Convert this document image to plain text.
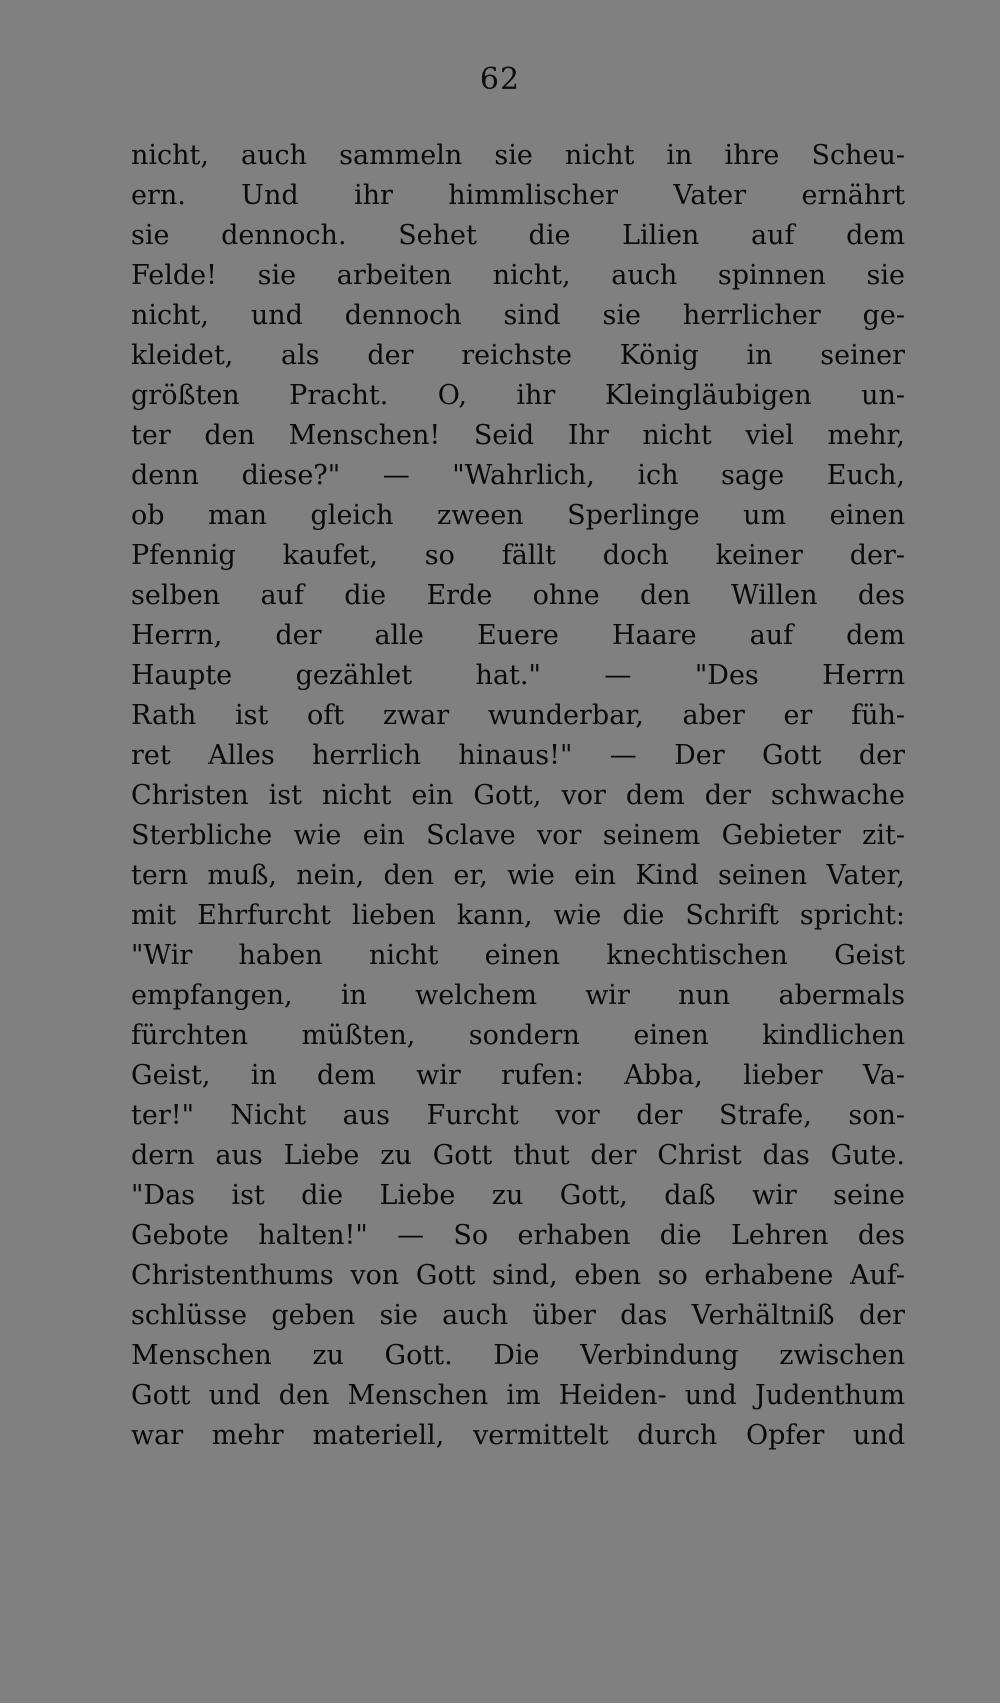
62
nicht, auch sammeln sie nicht in ihre Scheu-
ern. Und ihr himmlischer Vater ernährt
sie dennoch. Sehet die Lilien auf dem
Felde! sie arbeiten nicht, auch spinnen sie
nicht, und dennoch sind sie herrlicher ge-
kleidet, als der reichste König in seiner
größten Pracht. O, ihr Kleingläubigen un-
ter den Menschen! Seid Ihr nicht viel mehr,
denn diese?" — "Wahrlich, ich sage Euch,
ob man gleich zween Sperlinge um einen
Pfennig kaufet, so fällt doch keiner der-
selben auf die Erde ohne den Willen des
Herrn, der alle Euere Haare auf dem
Haupte gezählet hat." — "Des Herrn
Rath ist oft zwar wunderbar, aber er füh-
ret Alles herrlich hinaus!" — Der Gott der
Christen ist nicht ein Gott, vor dem der schwache
Sterbliche wie ein Sclave vor seinem Gebieter zit-
tern muß, nein, den er, wie ein Kind seinen Vater,
mit Ehrfurcht lieben kann, wie die Schrift spricht:
"Wir haben nicht einen knechtischen Geist
empfangen, in welchem wir nun abermals
fürchten müßten, sondern einen kindlichen
Geist, in dem wir rufen: Abba, lieber Va-
ter!" Nicht aus Furcht vor der Strafe, son-
dern aus Liebe zu Gott thut der Christ das Gute.
"Das ist die Liebe zu Gott, daß wir seine
Gebote halten!" — So erhaben die Lehren des
Christenthums von Gott sind, eben so erhabene Auf-
schlüsse geben sie auch über das Verhältniß der
Menschen zu Gott. Die Verbindung zwischen
Gott und den Menschen im Heiden- und Judenthum
war mehr materiell, vermittelt durch Opfer und
